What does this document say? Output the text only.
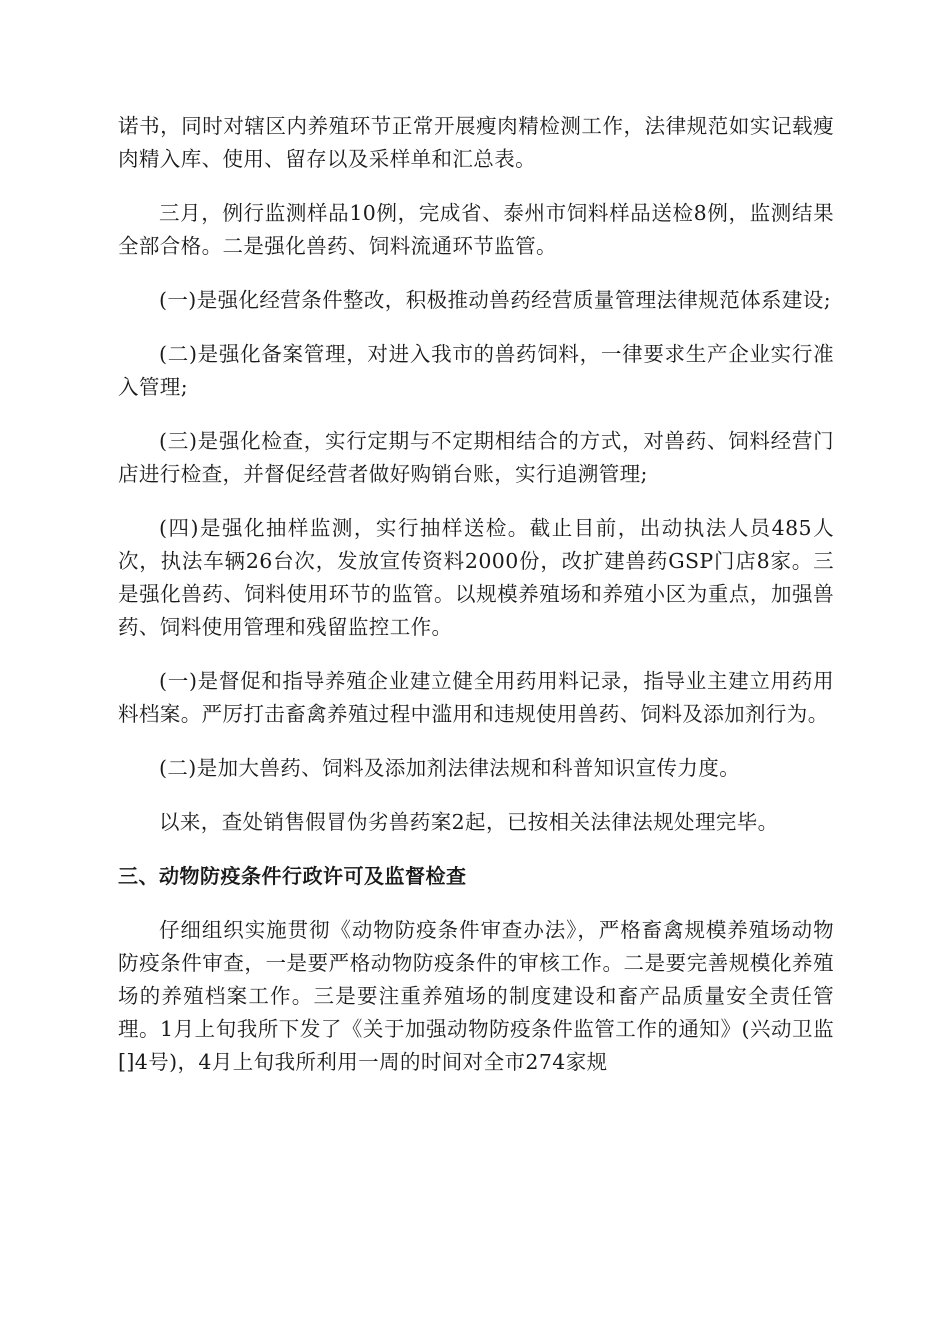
诺书，同时对辖区内养殖环节正常开展瘦肉精检测工作，法律规范如实记载瘦肉精入库、使用、留存以及采样单和汇总表。

三月，例行监测样品10例，完成省、泰州市饲料样品送检8例，监测结果全部合格。二是强化兽药、饲料流通环节监管。

(一)是强化经营条件整改，积极推动兽药经营质量管理法律规范体系建设;

(二)是强化备案管理，对进入我市的兽药饲料，一律要求生产企业实行准入管理;

(三)是强化检查，实行定期与不定期相结合的方式，对兽药、饲料经营门店进行检查，并督促经营者做好购销台账，实行追溯管理;

(四)是强化抽样监测，实行抽样送检。截止目前，出动执法人员485人次，执法车辆26台次，发放宣传资料2000份，改扩建兽药GSP门店8家。三是强化兽药、饲料使用环节的监管。以规模养殖场和养殖小区为重点，加强兽药、饲料使用管理和残留监控工作。

(一)是督促和指导养殖企业建立健全用药用料记录，指导业主建立用药用料档案。严厉打击畜禽养殖过程中滥用和违规使用兽药、饲料及添加剂行为。

(二)是加大兽药、饲料及添加剂法律法规和科普知识宣传力度。

以来，查处销售假冒伪劣兽药案2起，已按相关法律法规处理完毕。

三、动物防疫条件行政许可及监督检查

仔细组织实施贯彻《动物防疫条件审查办法》，严格畜禽规模养殖场动物防疫条件审查，一是要严格动物防疫条件的审核工作。二是要完善规模化养殖场的养殖档案工作。三是要注重养殖场的制度建设和畜产品质量安全责任管理。1月上旬我所下发了《关于加强动物防疫条件监管工作的通知》(兴动卫监[]4号)，4月上旬我所利用一周的时间对全市274家规
